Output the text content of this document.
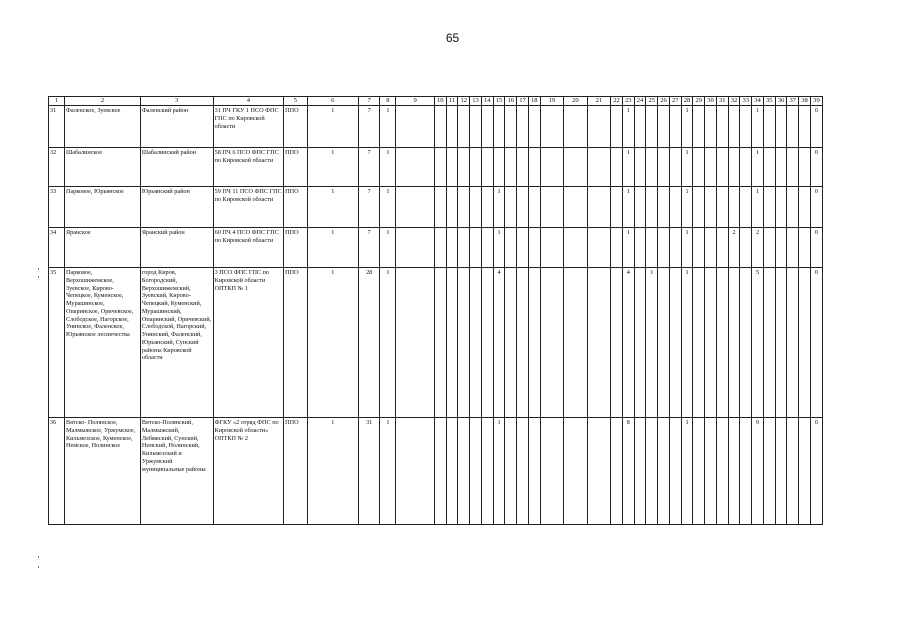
65
1	2	3	4	5	6	7	8	9	10	11	12	13	14	15	16	17	18	19	20	21	22	23	24	25	26	27	28	29	30	31	32	33	34	35	36	37	38	39
31	Фаленское, Зуевское	Фаленский район	31 ПЧ ГКУ 1 ПСО ФПС ГПС по Кировской области	ППО	1	7	1															1					1						1					0
32	Шабалинское	Шабалинский район	58 ПЧ 6 ПСО ФПС ГПС по Кировской области	ППО	1	7	1															1					1						1					0
33	Парковое, Юрьянское	Юрьянский район	59 ПЧ 11 ПСО ФПС ГПС по Кировской области	ППО	1	7	1							1								1					1						1					0
34	Яранское	Яранский район	60 ПЧ 4 ПСО ФПС ГПС по Кировской области	ППО	1	7	1							1								1					1				2		2					0
35	Парковое, Верхошижемское, Зуевское, Кирово-Чепецкое, Куменское, Мурашинское, Опаринское, Оричевское, Слободское, Нагорское, Унинское, Фаленское, Юрьянское лесничества	город Киров, Богородский, Верхошижемский, Зуевский, Кирово-Чепецкий, Куменский, Мурашинский, Опаринский, Оричевский, Слободской, Нагорский, Унинский, Фаленский, Юрьянский, Сунский районы Кировской области	3 ПСО ФПС ГПС по Кировской области ОПТКП № 1	ППО	1	28	1							4								4		1			1						5					0
36	Вятско- Полянское, Малмыжское, Уржумское, Кильмезское, Куменское, Немское, Нолинское	Вятско-Полянский, Малмыжский, Лебяжский, Сунский, Немский, Нолинский, Кильмезский и Уржумский муниципальные районы	ФГКУ «2 отряд ФПС по Кировской области» ОПТКП № 2	ППО	1	31	1							1								8					1						9					0
